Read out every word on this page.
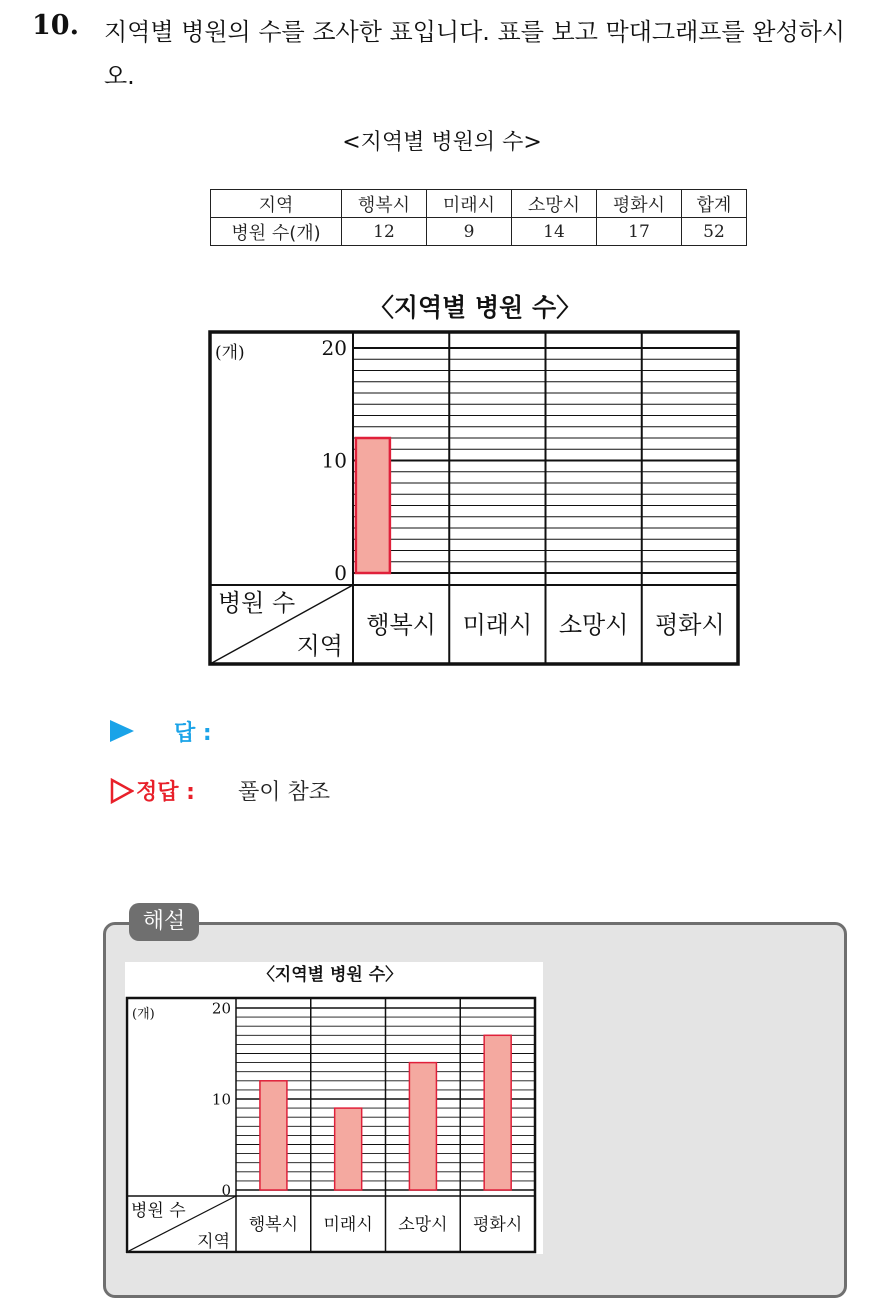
10. 지역별 병원의 수를 조사한 표입니다. 표를 보고 막대그래프를 완성하시오.
<지역별 병원의 수>
지역	행복시	미래시	소망시	평화시	합계
병원 수(개)	12	9	14	17	52
〈지역별 병원 수〉
0
10
20
(개)
병원 수
지역
행복시 미래시 소망시 평화시
답 :
정답 :	풀이 참조
해설
〈지역별 병원 수〉
0
10
20
(개)
병원 수
지역
행복시 미래시 소망시 평화시
